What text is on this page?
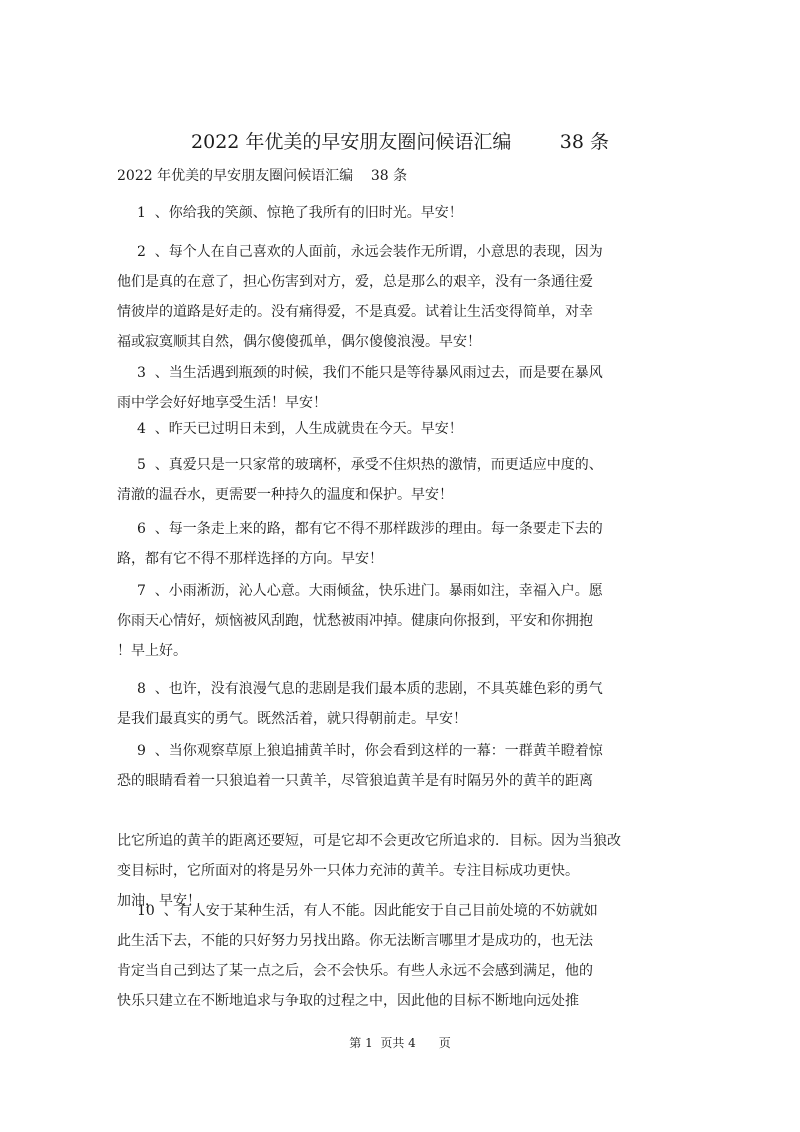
2022 年优美的早安朋友圈问候语汇编        38 条
2022 年优美的早安朋友圈问候语汇编    38 条
1  、你给我的笑颜、惊艳了我所有的旧时光。早安！
2  、每个人在自己喜欢的人面前，永远会装作无所谓，小意思的表现，因为
他们是真的在意了，担心伤害到对方，爱，总是那么的艰辛，没有一条通往爱
情彼岸的道路是好走的。没有痛得爱，不是真爱。试着让生活变得简单，对幸
福或寂寞顺其自然，偶尔傻傻孤单，偶尔傻傻浪漫。早安！
3  、当生活遇到瓶颈的时候，我们不能只是等待暴风雨过去，而是要在暴风
雨中学会好好地享受生活！早安！
4  、昨天已过明日未到，人生成就贵在今天。早安！
5  、真爱只是一只家常的玻璃杯，承受不住炽热的激情，而更适应中度的、
清澈的温吞水，更需要一种持久的温度和保护。早安！
6  、每一条走上来的路，都有它不得不那样跋涉的理由。每一条要走下去的
路，都有它不得不那样选择的方向。早安！
7  、小雨淅沥，沁人心意。大雨倾盆，快乐进门。暴雨如注，幸福入户。愿
你雨天心情好，烦恼被风刮跑，忧愁被雨冲掉。健康向你报到，平安和你拥抱
！早上好。
8  、也许，没有浪漫气息的悲剧是我们最本质的悲剧，不具英雄色彩的勇气
是我们最真实的勇气。既然活着，就只得朝前走。早安！
9  、当你观察草原上狼追捕黄羊时，你会看到这样的一幕：一群黄羊瞪着惊
恐的眼睛看着一只狼追着一只黄羊，尽管狼追黄羊是有时隔另外的黄羊的距离
比它所追的黄羊的距离还要短，可是它却不会更改它所追求的．目标。因为当狼改
变目标时，它所面对的将是另外一只体力充沛的黄羊。专注目标成功更快。
加油，早安！
10  、有人安于某种生活，有人不能。因此能安于自己目前处境的不妨就如
此生活下去，不能的只好努力另找出路。你无法断言哪里才是成功的，也无法
肯定当自己到达了某一点之后，会不会快乐。有些人永远不会感到满足，他的
快乐只建立在不断地追求与争取的过程之中，因此他的目标不断地向远处推
第 1  页共 4      页
